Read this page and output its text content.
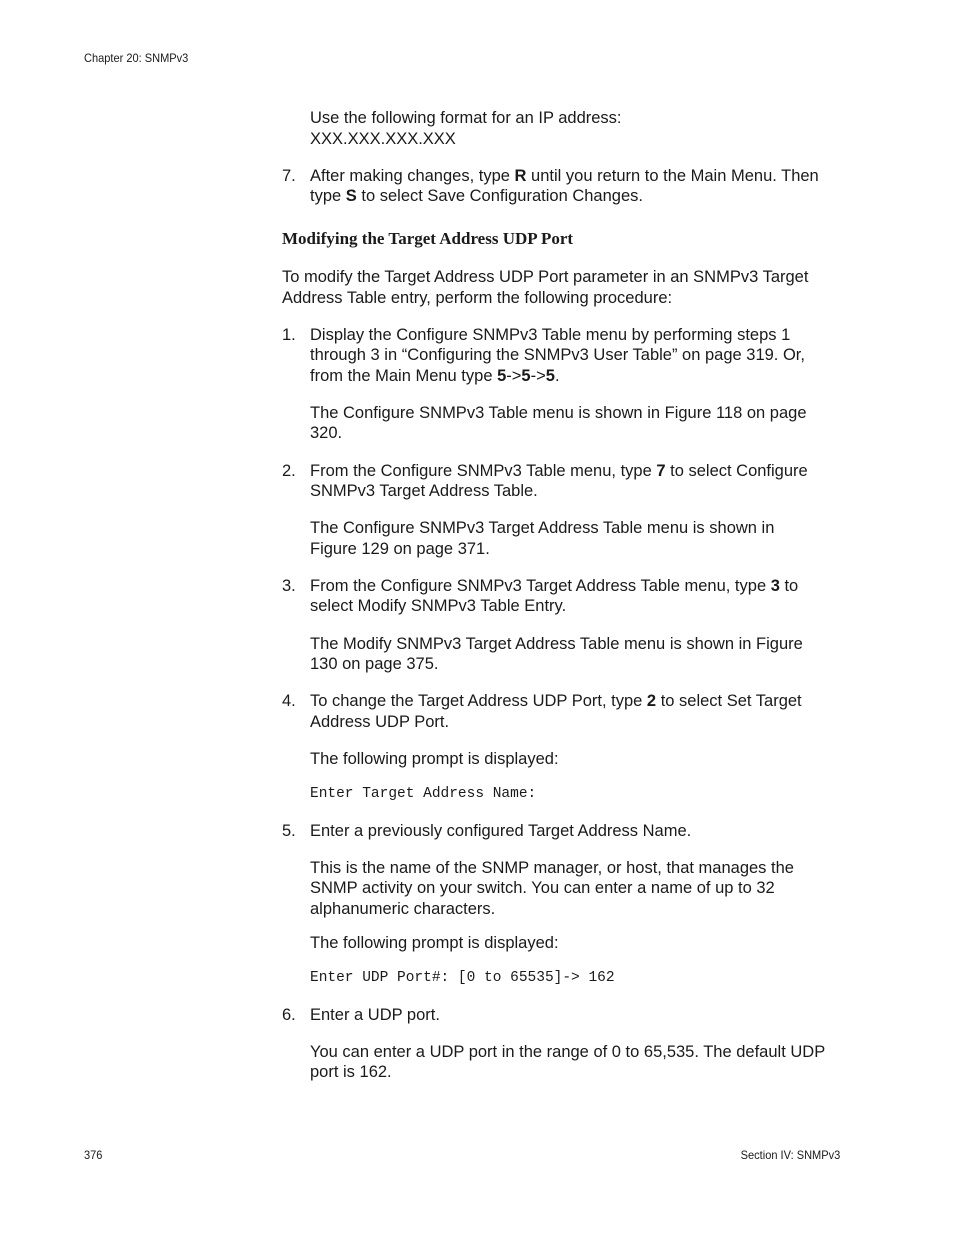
Chapter 20: SNMPv3
Use the following format for an IP address:
XXX.XXX.XXX.XXX
7. After making changes, type R until you return to the Main Menu. Then
type S to select Save Configuration Changes.
Modifying the Target Address UDP Port
To modify the Target Address UDP Port parameter in an SNMPv3 Target
Address Table entry, perform the following procedure:
1. Display the Configure SNMPv3 Table menu by performing steps 1
through 3 in “Configuring the SNMPv3 User Table” on page 319. Or,
from the Main Menu type 5->5->5.
The Configure SNMPv3 Table menu is shown in Figure 118 on page
320.
2. From the Configure SNMPv3 Table menu, type 7 to select Configure
SNMPv3 Target Address Table.
The Configure SNMPv3 Target Address Table menu is shown in
Figure 129 on page 371.
3. From the Configure SNMPv3 Target Address Table menu, type 3 to
select Modify SNMPv3 Table Entry.
The Modify SNMPv3 Target Address Table menu is shown in Figure
130 on page 375.
4. To change the Target Address UDP Port, type 2 to select Set Target
Address UDP Port.
The following prompt is displayed:
Enter Target Address Name:
5. Enter a previously configured Target Address Name.
This is the name of the SNMP manager, or host, that manages the
SNMP activity on your switch. You can enter a name of up to 32
alphanumeric characters.
The following prompt is displayed:
Enter UDP Port#: [0 to 65535]-> 162
6. Enter a UDP port.
You can enter a UDP port in the range of 0 to 65,535. The default UDP
port is 162.
376	Section IV: SNMPv3
